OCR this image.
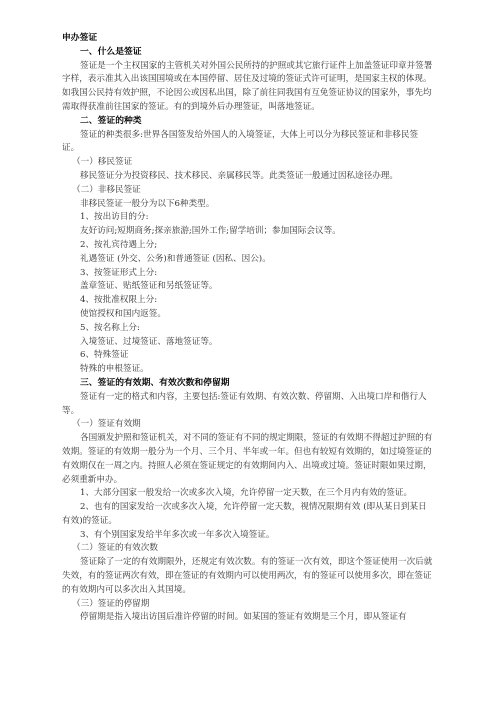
申办签证

一、什么是签证

签证是一个主权国家的主管机关对外国公民所持的护照或其它旅行证件上加盖签证印章并签署字样，表示准其入出该国国境或在本国停留、居住及过境的签证式许可证明，是国家主权的体现。

如我国公民持有效护照，不论因公或因私出国，除了前往同我国有互免签证协议的国家外，事先均需取得获准前往国家的签证。有的到境外后办理签证，叫落地签证。

二、签证的种类

签证的种类很多:世界各国签发给外国人的入境签证，大体上可以分为移民签证和非移民签证。

（一）移民签证

移民签证分为投资移民、技术移民、亲属移民等。此类签证一般通过因私途径办理。

（二）非移民签证

非移民签证一般分为以下6种类型。

1、按出访目的分:

友好访问;短期商务;探亲旅游;国外工作;留学培训；参加国际会议等。

2、按礼宾待遇上分;

礼遇签证 (外交、公务)和普通签证 (因私、因公)。

3、按签证形式上分:

盖章签证、贴纸签证和另纸签证等。

4、按批准权限上分:

使馆授权和国内返签。

5、按名称上分:

入境签证、过境签证、落地签证等。

6、特殊签证

特殊的申根签证。

三、签证的有效期、有效次数和停留期

签证有一定的格式和内容，主要包括:签证有效期、有效次数、停留期、入出境口岸和偕行人等。

（一）签证有效期

各国颁发护照和签证机关，对不同的签证有不同的规定期限，签证的有效期不得超过护照的有效期。签证的有效期一般分为一个月、三个月、半年或一年。但也有较短有效期的，如过境签证的有效期仅在一周之内。持照人必须在签证规定的有效期间内入、出境或过境。签证时限如果过期，必须重新申办。

1、大部分国家一般发给一次或多次入境，允许停留一定天数，在三个月内有效的签证。

2、也有的国家发给一次或多次入境，允许停留一定天数，视情况限期有效 (即从某日到某日有效)的签证。

3、有个别国家发给半年多次或一年多次入境签证。

（二）签证的有效次数

签证除了一定的有效期限外，还规定有效次数。有的签证一次有效，即这个签证使用一次后就失效，有的签证两次有效，即在签证的有效期内可以使用两次，有的签证可以使用多次，即在签证的有效期内可以多次出入其国境。

（三）签证的停留期

停留期是指入境出访国后准许停留的时间。如某国的签证有效期是三个月，即从签证有
